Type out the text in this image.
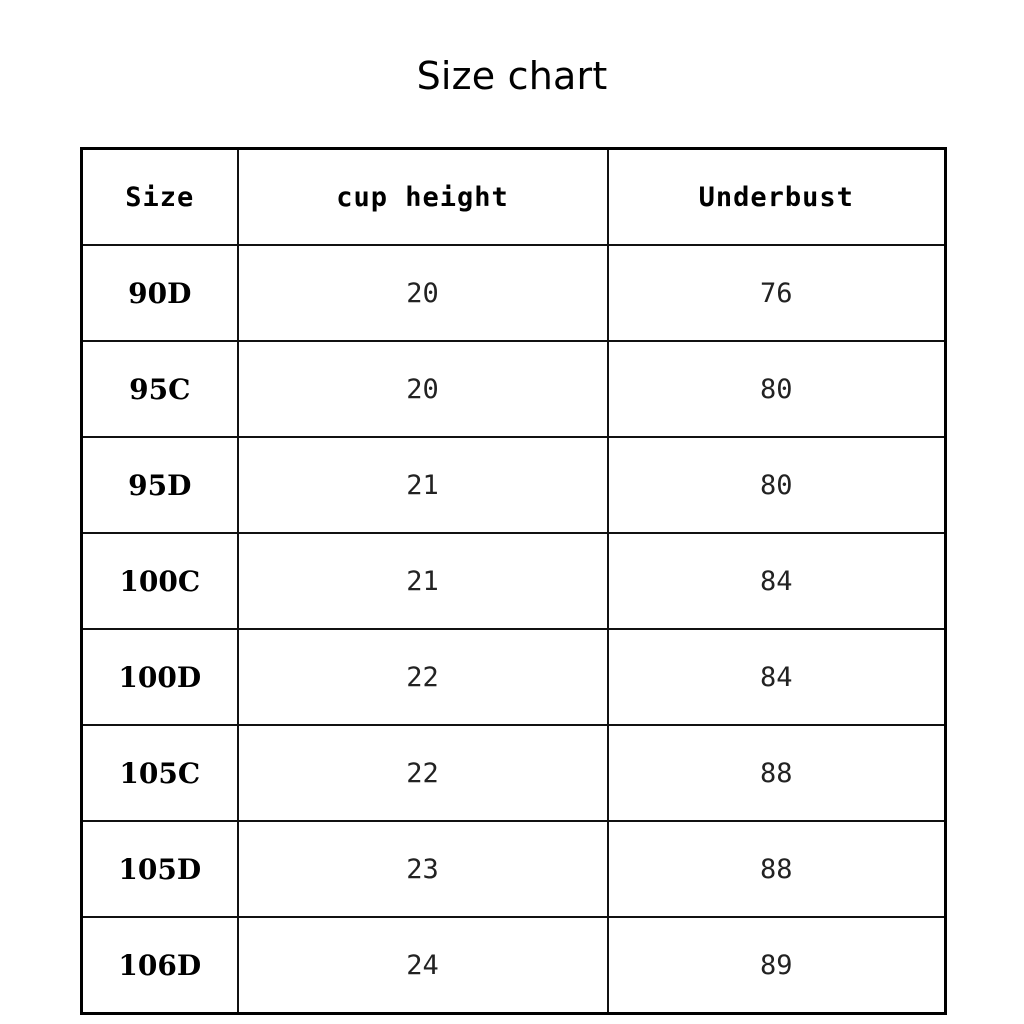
Size chart
Size	cup height	Underbust
90D	20	76
95C	20	80
95D	21	80
100C	21	84
100D	22	84
105C	22	88
105D	23	88
106D	24	89
